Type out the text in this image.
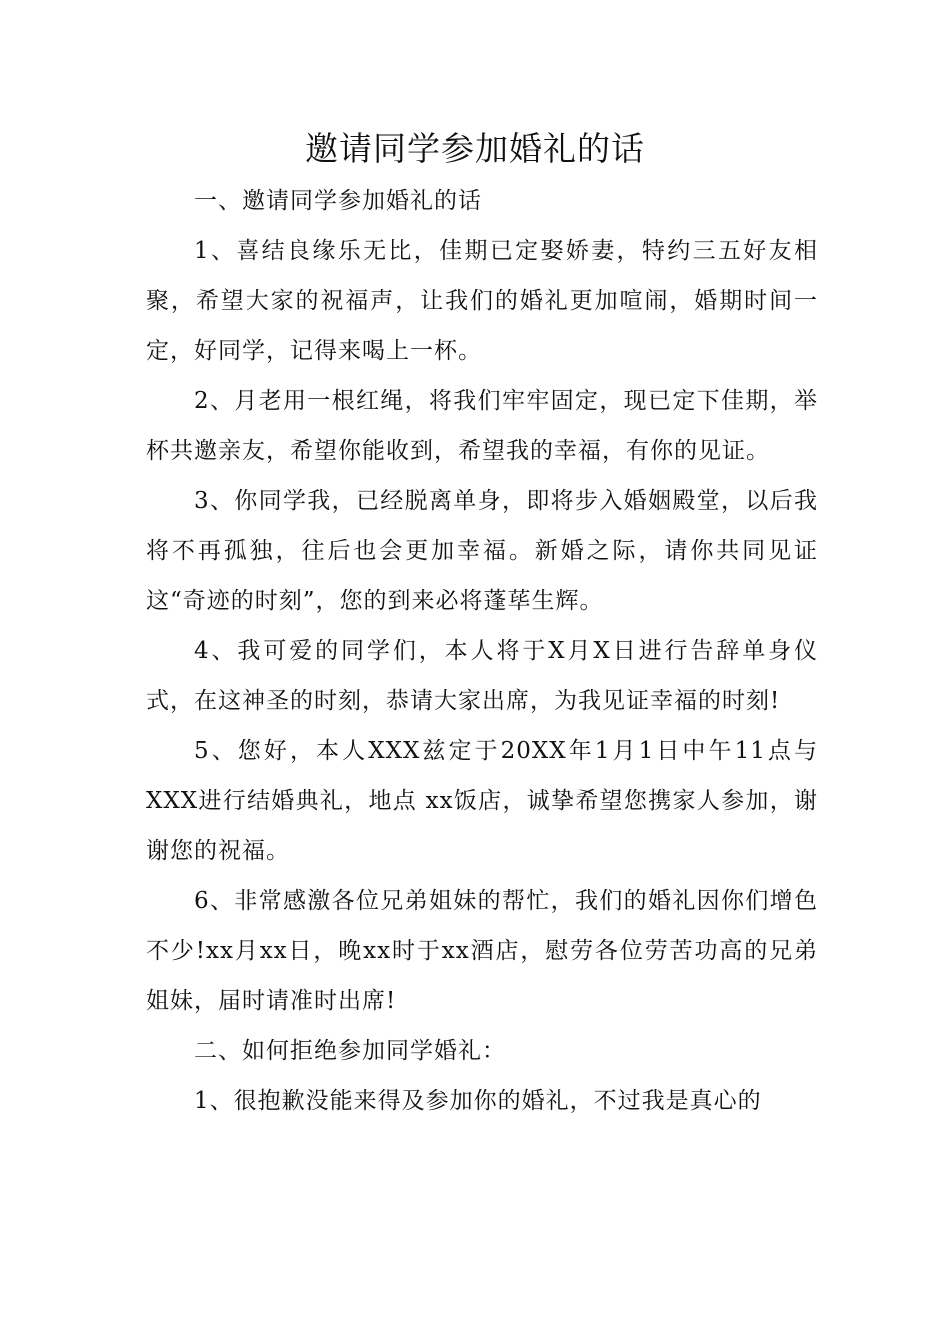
邀请同学参加婚礼的话

一、邀请同学参加婚礼的话

1、喜结良缘乐无比，佳期已定娶娇妻，特约三五好友相聚，希望大家的祝福声，让我们的婚礼更加喧闹，婚期时间一定，好同学，记得来喝上一杯。

2、月老用一根红绳，将我们牢牢固定，现已定下佳期，举杯共邀亲友，希望你能收到，希望我的幸福，有你的见证。

3、你同学我，已经脱离单身，即将步入婚姻殿堂，以后我将不再孤独，往后也会更加幸福。新婚之际，请你共同见证这“奇迹的时刻”，您的到来必将蓬荜生辉。

4、我可爱的同学们，本人将于X月X日进行告辞单身仪式，在这神圣的时刻，恭请大家出席，为我见证幸福的时刻!

5、您好，本人XXX兹定于20XX年1月1日中午11点与XXX进行结婚典礼，地点 xx饭店，诚挚希望您携家人参加，谢谢您的祝福。

6、非常感激各位兄弟姐妹的帮忙，我们的婚礼因你们增色不少!xx月xx日，晚xx时于xx酒店，慰劳各位劳苦功高的兄弟姐妹，届时请准时出席!

二、如何拒绝参加同学婚礼：

1、很抱歉没能来得及参加你的婚礼，不过我是真心的
